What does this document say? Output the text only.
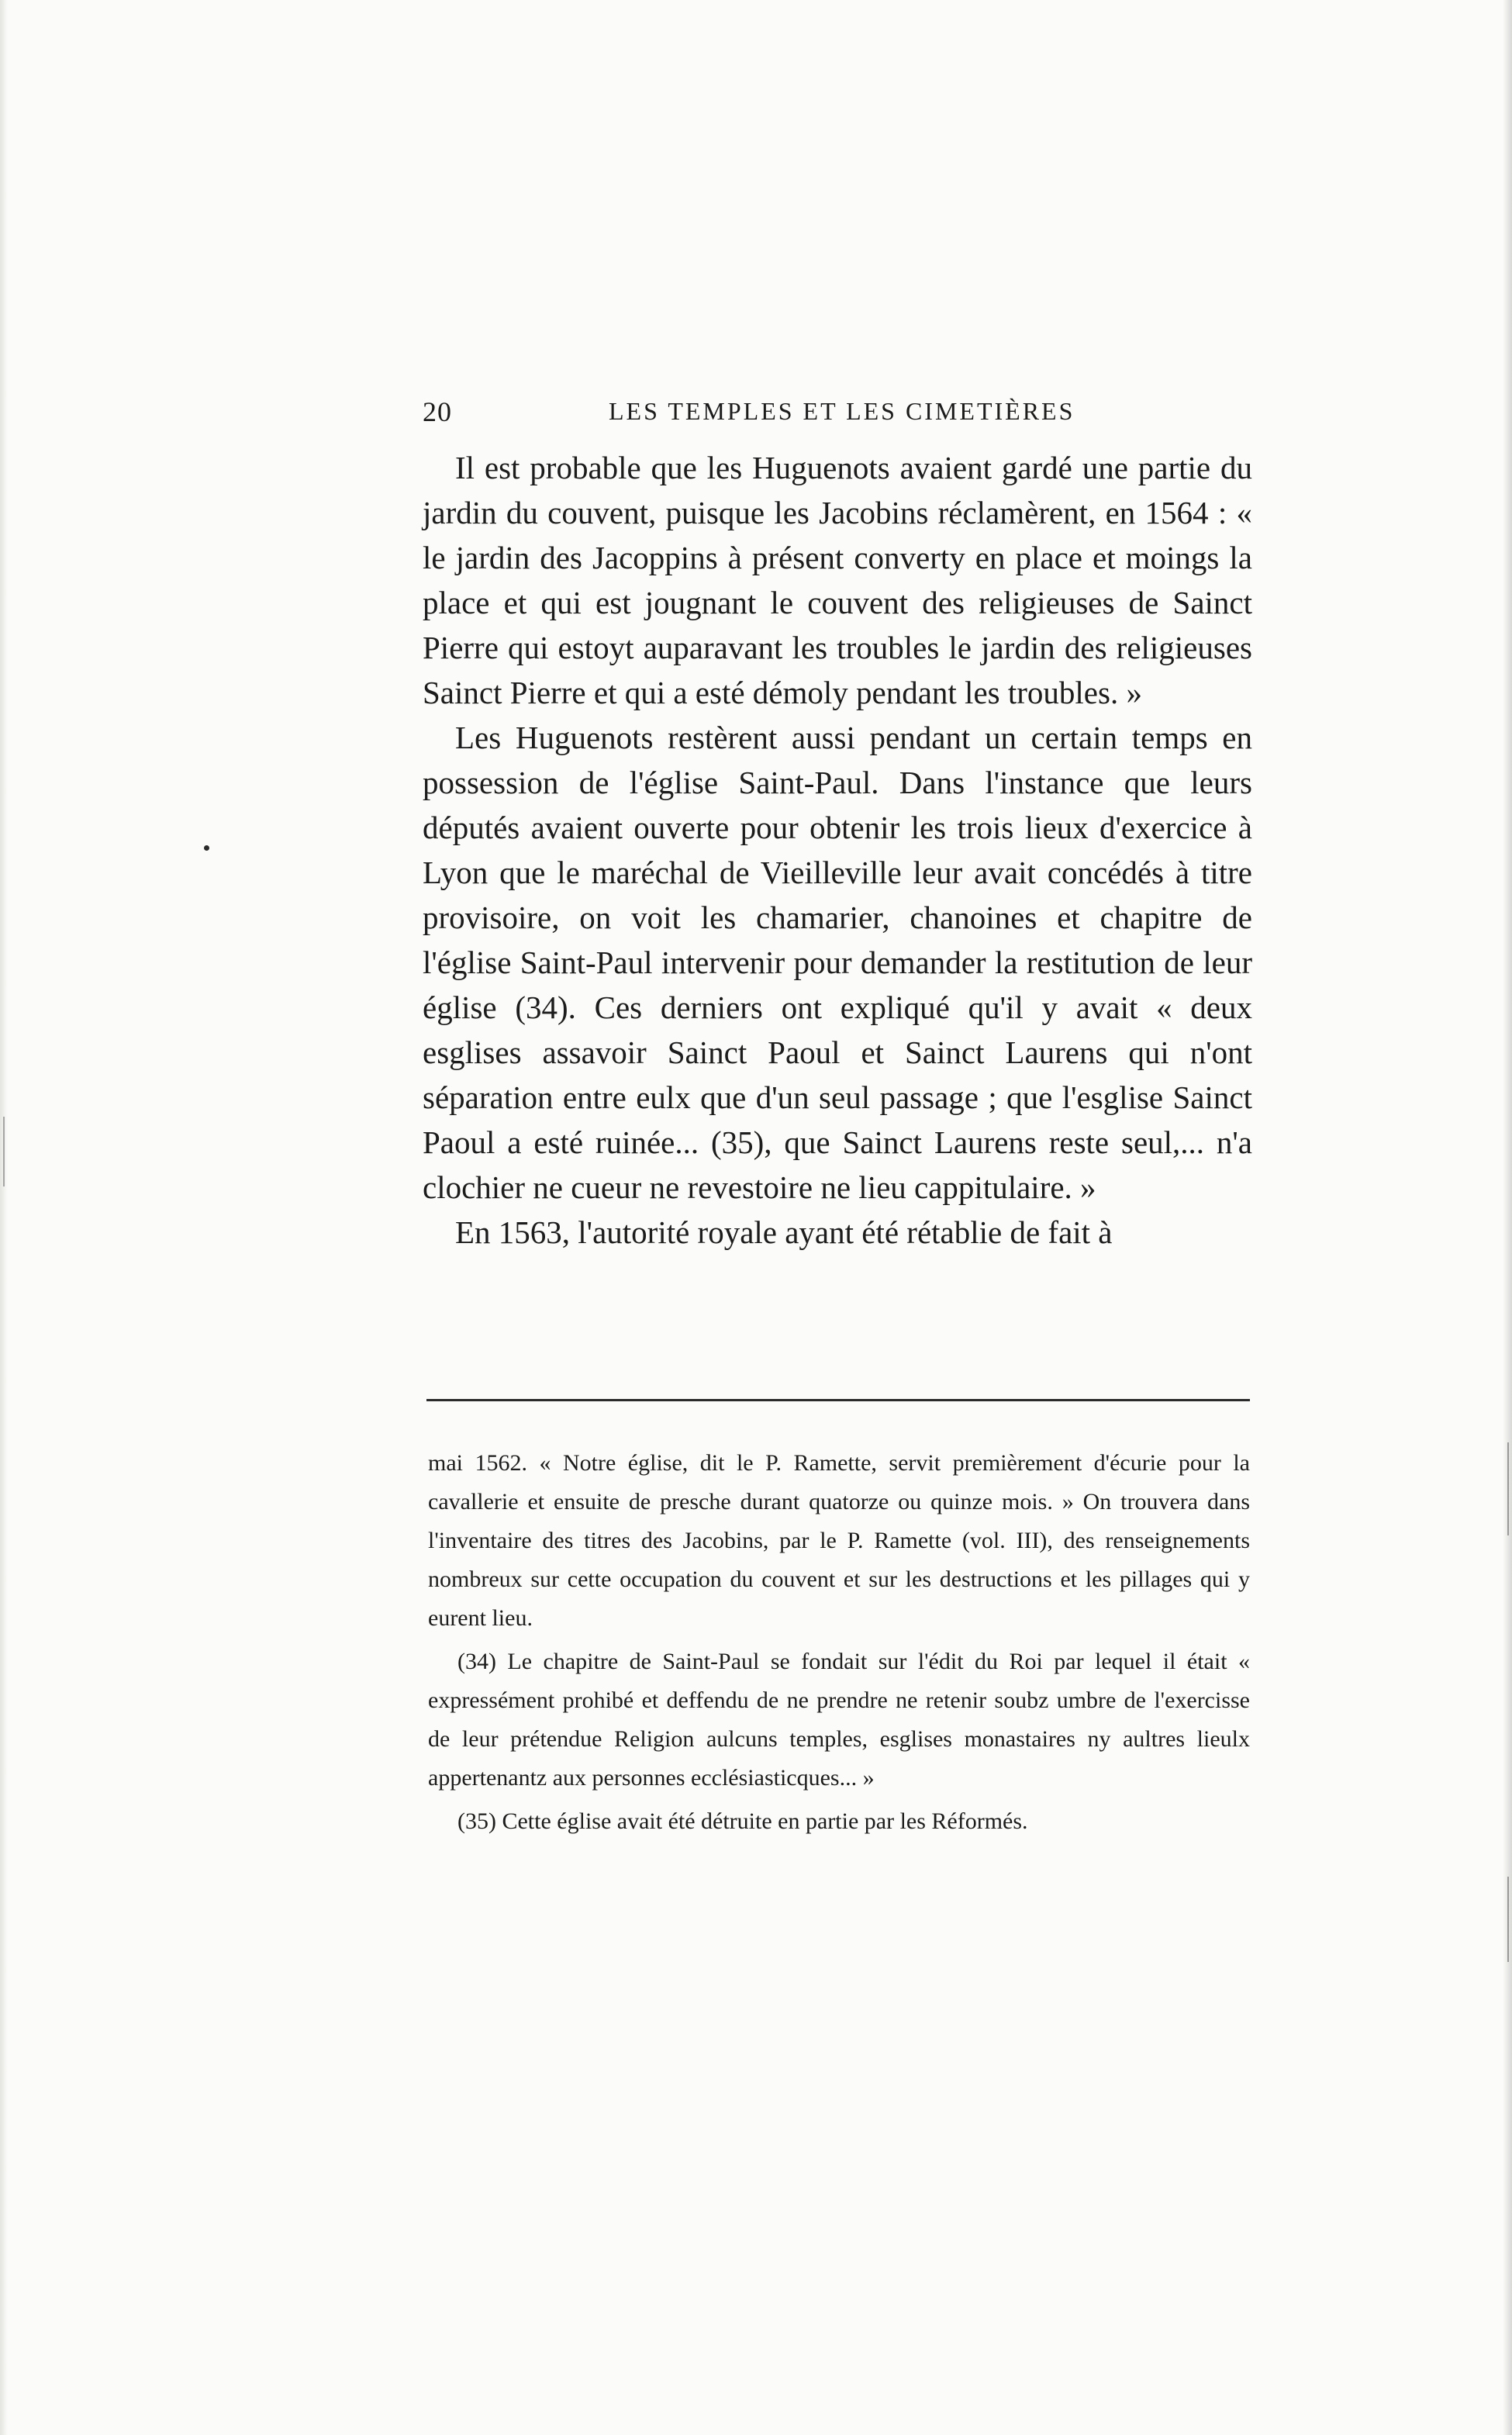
20	LES TEMPLES ET LES CIMETIÈRES

Il est probable que les Huguenots avaient gardé une partie du jardin du couvent, puisque les Jacobins réclamèrent, en 1564 : « le jardin des Jacoppins à présent converty en place et moings la place et qui est jougnant le couvent des religieuses de Sainct Pierre qui estoyt auparavant les troubles le jardin des religieuses Sainct Pierre et qui a esté démoly pendant les troubles. »

Les Huguenots restèrent aussi pendant un certain temps en possession de l'église Saint-Paul. Dans l'instance que leurs députés avaient ouverte pour obtenir les trois lieux d'exercice à Lyon que le maréchal de Vieilleville leur avait concédés à titre provisoire, on voit les chamarier, chanoines et chapitre de l'église Saint-Paul intervenir pour demander la restitution de leur église (34). Ces derniers ont expliqué qu'il y avait « deux esglises assavoir Sainct Paoul et Sainct Laurens qui n'ont séparation entre eulx que d'un seul passage ; que l'esglise Sainct Paoul a esté ruinée... (35), que Sainct Laurens reste seul,... n'a clochier ne cueur ne revestoire ne lieu cappitulaire. »

En 1563, l'autorité royale ayant été rétablie de fait à

mai 1562. « Notre église, dit le P. Ramette, servit premièrement d'écurie pour la cavallerie et ensuite de presche durant quatorze ou quinze mois. » On trouvera dans l'inventaire des titres des Jacobins, par le P. Ramette (vol. III), des renseignements nombreux sur cette occupation du couvent et sur les destructions et les pillages qui y eurent lieu.

(34) Le chapitre de Saint-Paul se fondait sur l'édit du Roi par lequel il était « expressément prohibé et deffendu de ne prendre ne retenir soubz umbre de l'exercisse de leur prétendue Religion aulcuns temples, esglises monastaires ny aultres lieulx appertenantz aux personnes ecclésiasticques... »

(35) Cette église avait été détruite en partie par les Réformés.
